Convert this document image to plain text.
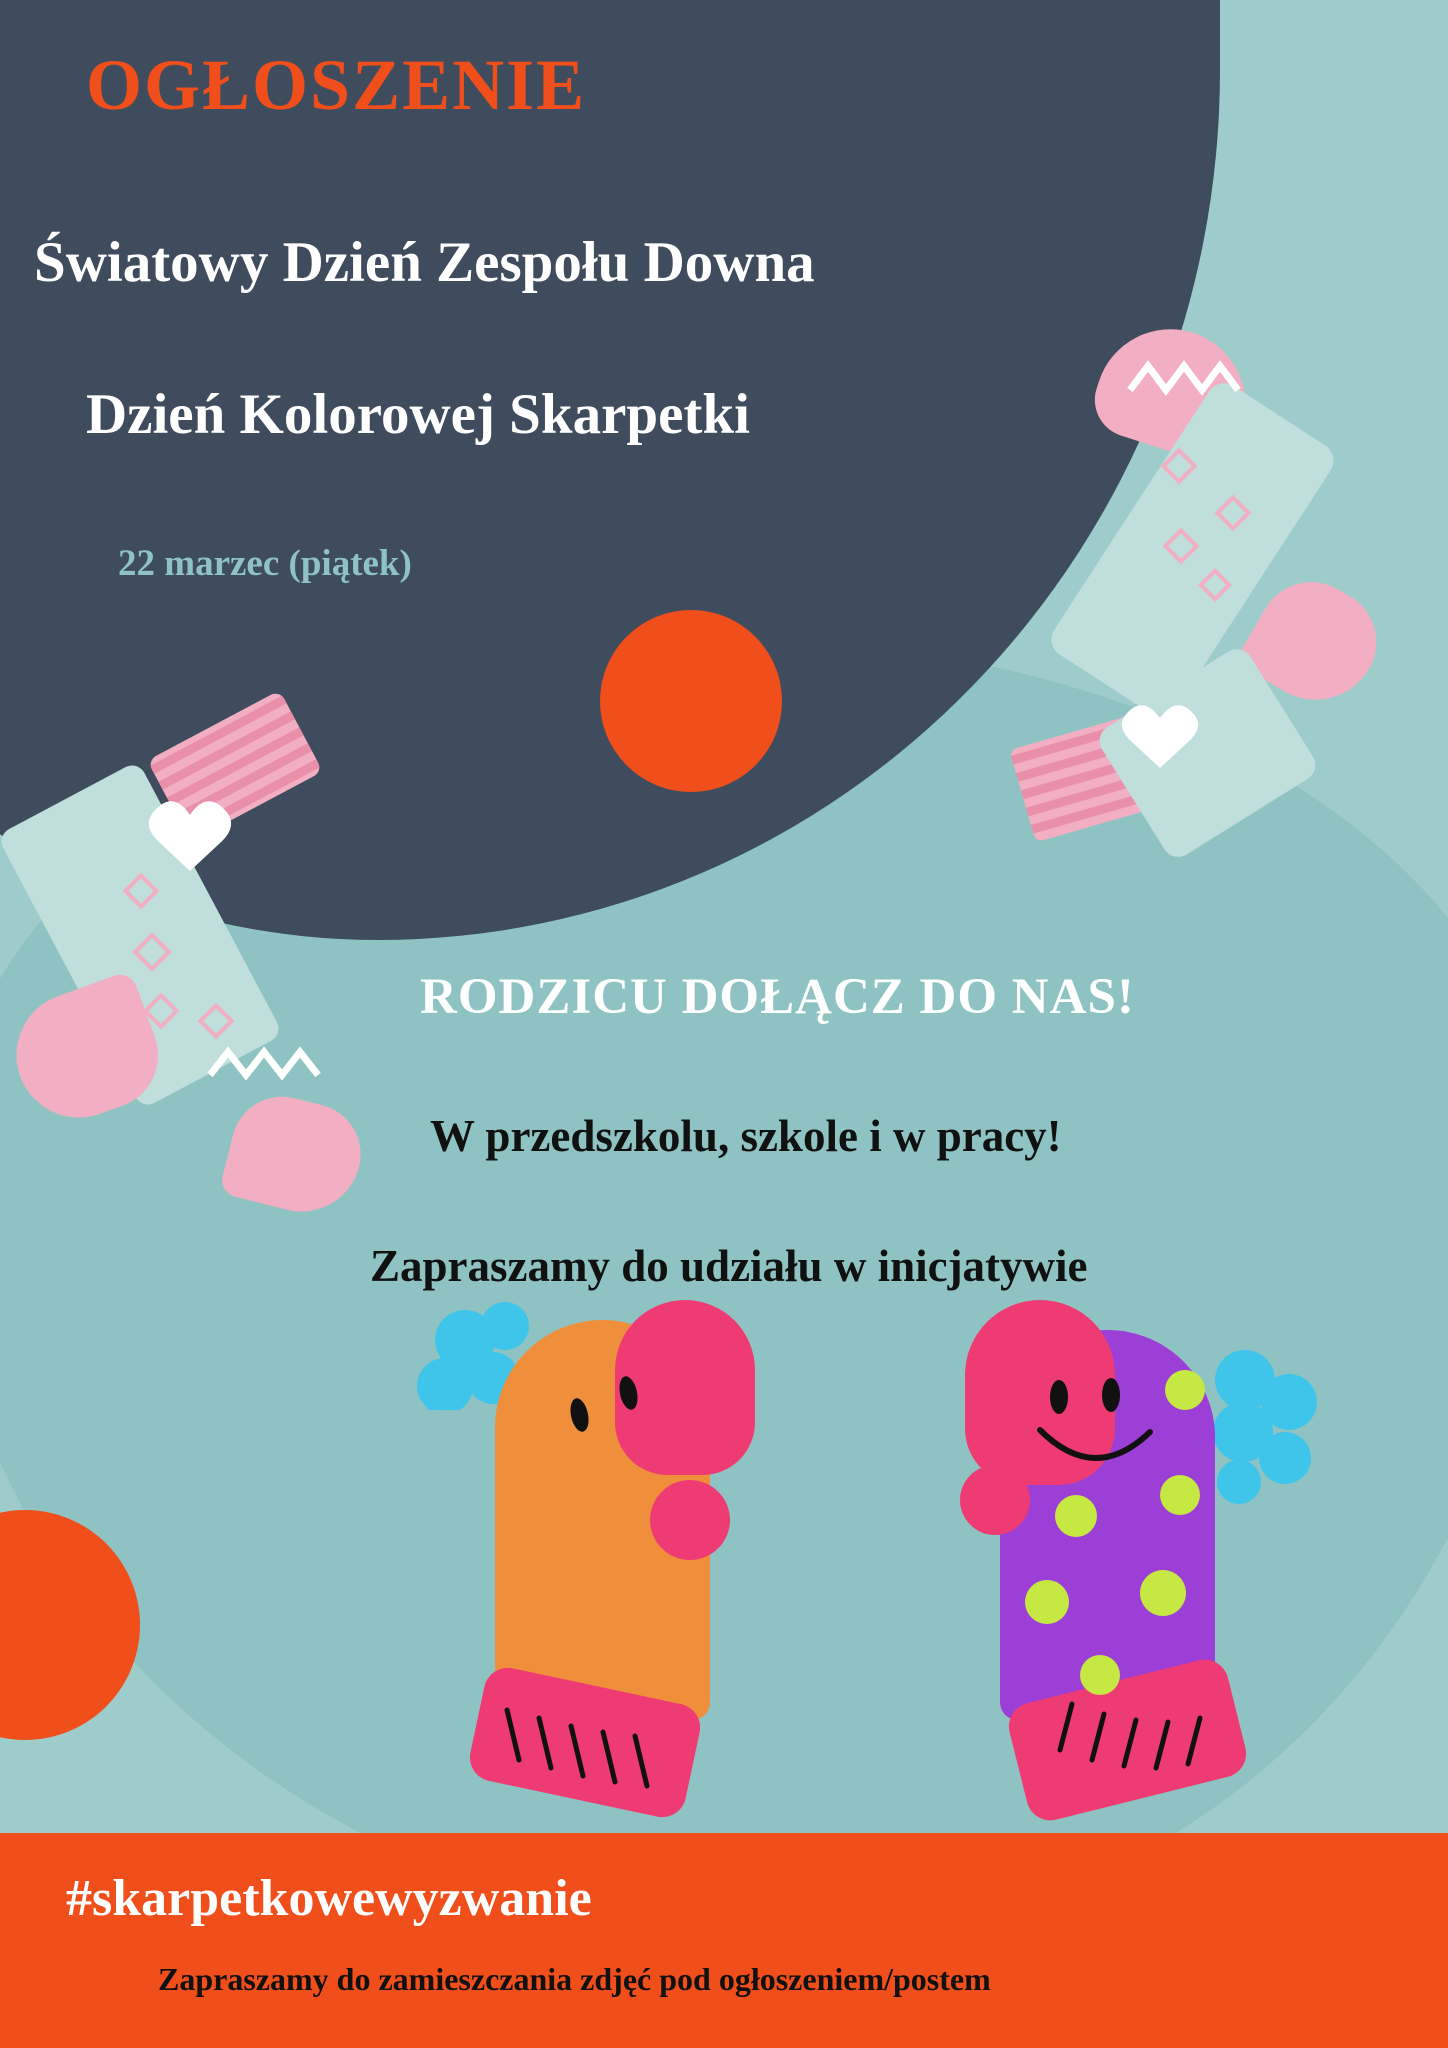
OGŁOSZENIE
Światowy Dzień Zespołu Downa
Dzień Kolorowej Skarpetki
22 marzec (piątek)
RODZICU DOŁĄCZ DO NAS!
W przedszkolu, szkole i w pracy!
Zapraszamy do udziału w inicjatywie
#skarpetkowewyzwanie
Zapraszamy do zamieszczania zdjęć pod ogłoszeniem/postem
